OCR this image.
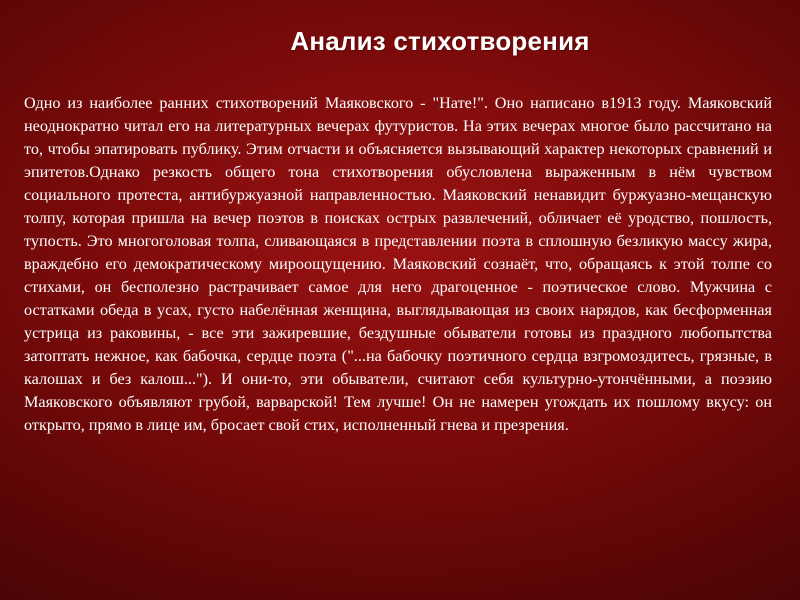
Анализ стихотворения

Одно из наиболее ранних стихотворений Маяковского - "Нате!". Оно написано в1913 году. Маяковский неоднократно читал его на литературных вечерах футуристов. На этих вечерах многое было рассчитано на то, чтобы эпатировать публику. Этим отчасти и объясняется вызывающий характер некоторых сравнений и эпитетов.Однако резкость общего тона стихотворения обусловлена выраженным в нём чувством социального протеста, антибуржуазной направленностью. Маяковский ненавидит буржуазно-мещанскую толпу, которая пришла на вечер поэтов в поисках острых развлечений, обличает её уродство, пошлость, тупость. Это многоголовая толпа, сливающаяся в представлении поэта в сплошную безликую массу жира, враждебно его демократическому мироощущению. Маяковский сознаёт, что, обращаясь к этой толпе со стихами, он бесполезно растрачивает самое для него драгоценное - поэтическое слово. Мужчина с остатками обеда в усах, густо набелённая женщина, выглядывающая из своих нарядов, как бесформенная устрица из раковины, - все эти зажиревшие, бездушные обыватели готовы из праздного любопытства затоптать нежное, как бабочка, сердце поэта ("...на бабочку поэтичного сердца взгромоздитесь, грязные, в калошах и без калош..."). И они-то, эти обыватели, считают себя культурно-утончёнными, а поэзию Маяковского объявляют грубой, варварской! Тем лучше! Он не намерен угождать их пошлому вкусу: он открыто, прямо в лице им, бросает свой стих, исполненный гнева и презрения.
